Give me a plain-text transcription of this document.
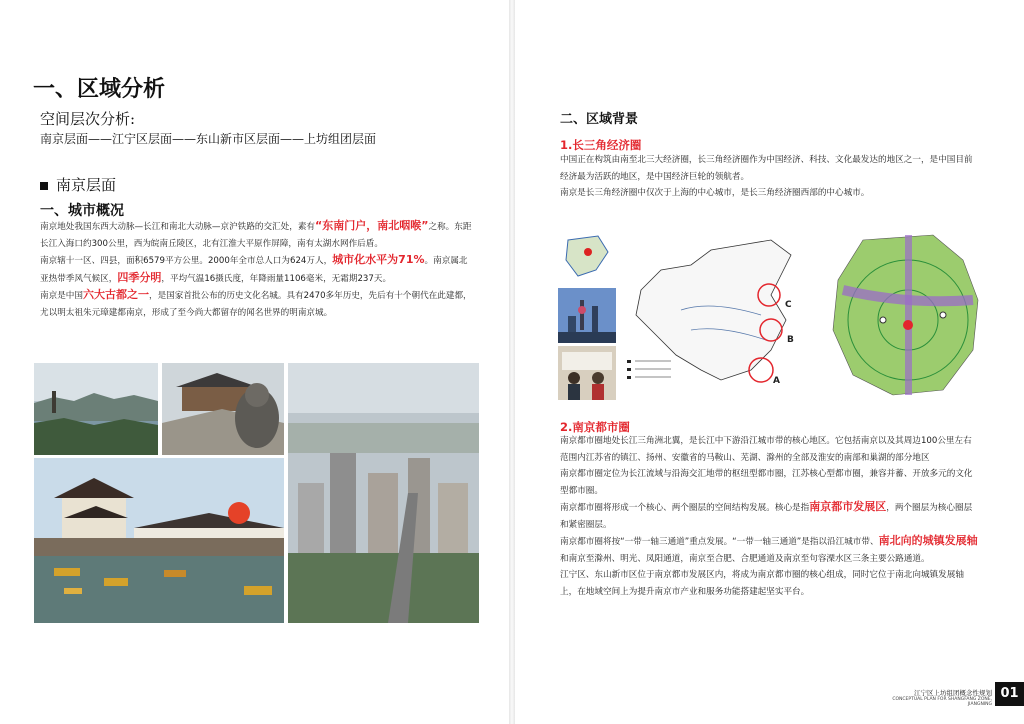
一、区域分析
空间层次分析:
南京层面——江宁区层面——东山新市区层面——上坊组团层面
南京层面
一、城市概况
南京地处我国东西大动脉—长江和南北大动脉—京沪铁路的交汇处，素有“东南门户，南北咽喉”之称。东距长江入海口约300公里，西为皖南丘陵区，北有江淮大平原作屏障，南有太湖水网作后盾。
南京辖十一区、四县，面积6579平方公里。2000年全市总人口为624万人，城市化水平为71%。南京属北亚热带季风气候区，四季分明，平均气温16摄氏度，年降雨量1106毫米，无霜期237天。
南京是中国六大古都之一，是国家首批公布的历史文化名城。具有2470多年历史，先后有十个朝代在此建都，尤以明太祖朱元璋建都南京，形成了至今尚大都留存的闻名世界的明南京城。
二、区域背景
1.长三角经济圈
中国正在构筑由南至北三大经济圈，长三角经济圈作为中国经济、科技、文化最发达的地区之一，是中国目前经济最为活跃的地区，是中国经济巨轮的领航者。
南京是长三角经济圈中仅次于上海的中心城市，是长三角经济圈西部的中心城市。
C
B
A
2.南京都市圈
南京都市圈地处长江三角洲北翼，是长江中下游沿江城市带的核心地区。它包括南京以及其周边100公里左右范围内江苏省的镇江、扬州、安徽省的马鞍山、芜湖、滁州的全部及淮安的南部和巢湖的部分地区
南京都市圈定位为长江流域与沿海交汇地带的枢纽型都市圈，江苏核心型都市圈，兼容并蓄、开放多元的文化型都市圈。
南京都市圈将形成一个核心、两个圈层的空间结构发展。核心是指南京都市发展区，两个圈层为核心圈层和紧密圈层。
南京都市圈将按“一带一轴三通道”重点发展。“一带一轴三通道”是指以沿江城市带、南北向的城镇发展轴和南京至滁州、明光、凤阳通道，南京至合肥、合肥通道及南京至句容溧水区三条主要公路通道。
江宁区、东山新市区位于南京都市发展区内，将成为南京都市圈的核心组成，同时它位于南北向城镇发展轴上，在地域空间上为提升南京市产业和服务功能搭建起坚实平台。
江宁区上坊组团概念性规划
CONCEPTUAL PLAN FOR SHANGFANG ZONE, JIANGNING
01
